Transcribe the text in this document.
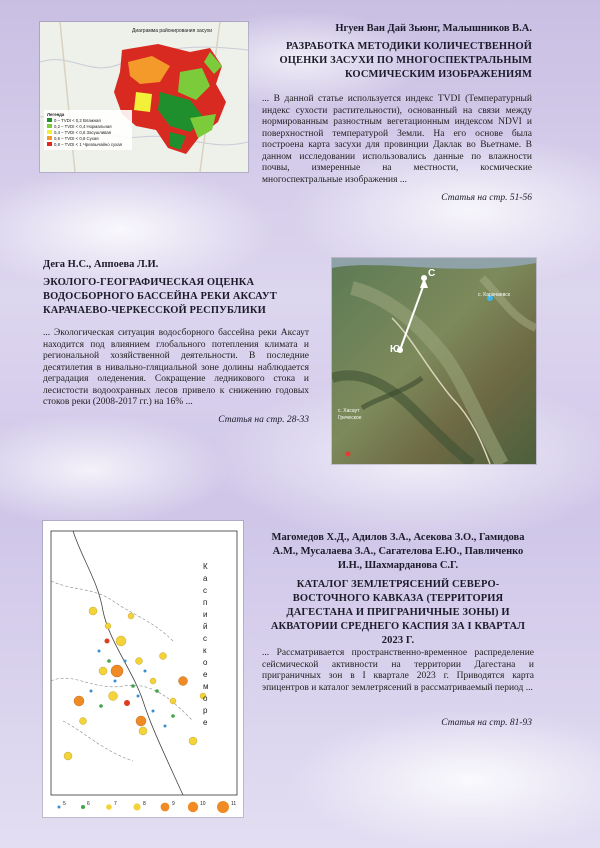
Диаграмма районирования засухи
Легенда
0 – TVDI < 0,2 Влажная
0,2 – TVDI < 0,4 Нормальная
0,4 – TVDI < 0,6 Засушливая
0,6 – TVDI < 0,8 Сухая
0,8 – TVDI < 1 Чрезвычайно сухая
Нгуен Ван Дай Зьюнг, Малышников В.А.
РАЗРАБОТКА МЕТОДИКИ КОЛИЧЕСТВЕННОЙ ОЦЕНКИ ЗАСУХИ ПО МНОГОСПЕКТРАЛЬНЫМ КОСМИЧЕСКИМ ИЗОБРАЖЕНИЯМ
... В данной статье используется индекс TVDI (Температурный индекс сухости растительности), основанный на связи между нормированным разностным вегетационным индексом NDVI и поверхностной температурой Земли. На его основе была построена карта засухи для провинции Даклак во Вьетнаме. В данном исследовании использовались данные по влажности почвы, измеренные на местности, космические многоспектральные изображения ...
Статья на стр. 51-56
Дега Н.С., Аппоева Л.И.
ЭКОЛОГО-ГЕОГРАФИЧЕСКАЯ ОЦЕНКА ВОДОСБОРНОГО БАССЕЙНА РЕКИ АКСАУТ КАРАЧАЕВО-ЧЕРКЕССКОЙ РЕСПУБЛИКИ
... Экологическая ситуация водосборного бассейна реки Аксаут находится под влиянием глобального потепления климата и региональной хозяйственной деятельности. В последние десятилетия в нивально-гляциальной зоне долины наблюдается деградация оледенения. Сокращение ледникового стока и лесистости водоохранных лесов привело к снижению годовых стоков реки (2008-2017 гг.) на 16% ...
Статья на стр. 28-33
С
Ю
с. Карачаевск
с. Хасаут Греческое
Каспийское море
5	6	7	8	9	10	11
Магомедов Х.Д., Адилов З.А., Асекова З.О., Гамидова А.М., Мусалаева З.А., Сагателова Е.Ю., Павличенко И.Н., Шахмарданова С.Г.
КАТАЛОГ ЗЕМЛЕТРЯСЕНИЙ СЕВЕРО-ВОСТОЧНОГО КАВКАЗА (ТЕРРИТОРИЯ ДАГЕСТАНА И ПРИГРАНИЧНЫЕ ЗОНЫ) И АКВАТОРИИ СРЕДНЕГО КАСПИЯ ЗА I КВАРТАЛ 2023 Г.
... Рассматривается пространственно-временное распределение сейсмической активности на территории Дагестана и приграничных зон в I квартале 2023 г. Приводятся карта эпицентров и каталог землетрясений в рассматриваемый период ...
Статья на стр. 81-93
